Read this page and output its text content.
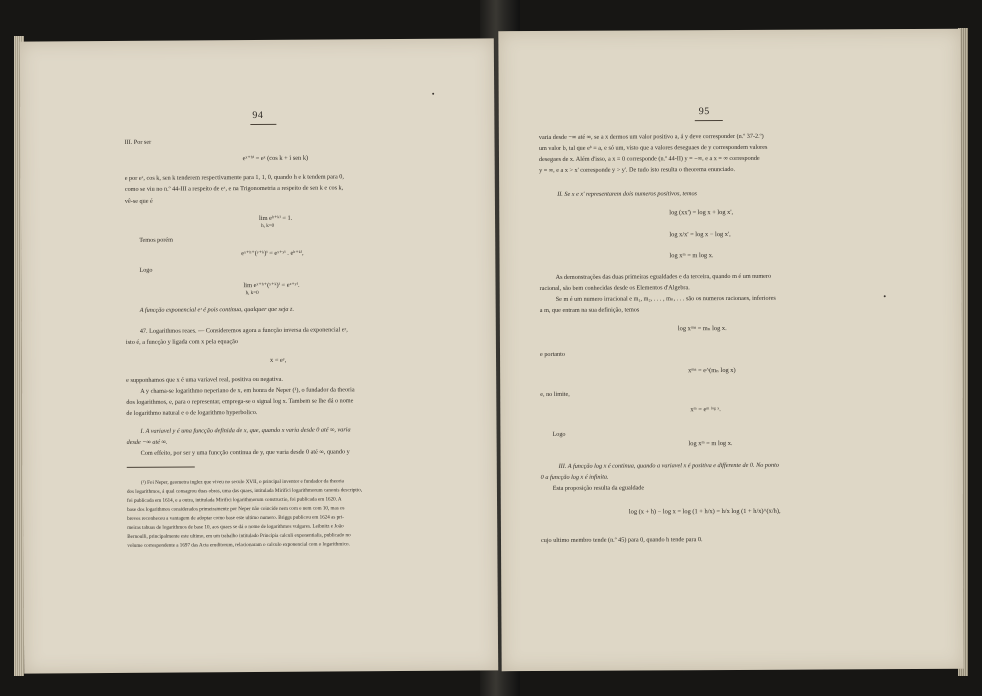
94
III. Por ser
eˣ⁺ʰⁱ = eˣ (cos k + i sen k)
e por eˣ, cos k, sen k tenderem respectivamente para 1, 1, 0, quando h e k tendem para 0,
como se viu no n.º 44-III a respeito de eˣ, e na Trigonometria a respeito de sen k e cos k,
vê-se que é
lim eʰ⁺ᵏⁱ = 1.
h, k=0
Temos porém
eˣ⁺ʰ⁺(ʸ⁺ᵏ)ⁱ = eˣ⁺ʸⁱ . eʰ⁺ᵏⁱ,
Logo
lim eˣ⁺ʰ⁺(ʸ⁺ᵏ)ⁱ = eˣ⁺ʸⁱ.
h, k=0
A funcção exponencial eᶻ é pois continua, qualquer que seja z.
47. Logarithmos reaes. — Consideremos agora a funcção inversa da exponencial eʸ,
isto é, a funcção y ligada com x pela equação
x = eʸ,
e supponhamos que x é uma variavel real, positiva ou negativa.
A y chama-se logarithmo neperiano de x, em honra de Neper (¹), o fundador da theoria
dos logarithmos, e, para o representar, emprega-se o signal log x. Tambem se lhe dá o nome
de logarithmo natural e o de logarithmo hyperbolico.
I. A variavel y é uma funcção definida de x, que, quando x varia desde 0 até ∞, varia
desde −∞ até ∞.
Com effeito, por ser y uma funcção continua de y, que varia desde 0 até ∞, quando y
(¹) Foi Neper, geometra inglez que viveu no seculo XVII, o principal inventor e fundador da theoria
dos logarithmos, á qual consagrou duas obras, uma das quaes, intitulada Mirifici logarithmorum canonis descriptio,
foi publicada em 1614, e a outra, intitulada Mirifici logarithmorum constructio, foi publicada em 1620. A
base dos logarithmos considerados primeiramente por Neper não coincide nem com e nem com 10, mas os
breves reconheceu a vantagem de adoptar como base este ultimo numero. Briggs publicou em 1624 as pri-
meiras tabuas de logarithmos de base 10, aos quaes se dá o nome de logarithmos vulgares. Leibnitz e João
Bernoulli, principalmente este ultimo, em um trabalho intitulado Principia calculi exponentialis, publicado no
volume correspondente a 1697 das Acta eruditorum, relacionaram o calculo exponencial com o logarithmico.
95
varia desde −∞ até ∞, se a x dermos um valor positivo a, á y deve corresponder (n.º 37-2.º)
um valor b, tal que eᵇ = a, e só um, visto que a valores deseguaes de y correspondem valores
desegaes de x. Além d'isso, a x = 0 corresponde (n.º 44-II) y = −∞, e a x = ∞ corresponde
y = ∞, e a x > x' corresponde y > y'. De tudo isto resulta o theorema enunciado.
II. Se x e x' representarem dois numeros positivos, temos
log (xx') = log x + log x',
log x/x' = log x − log x',
log xᵐ = m log x.
As demonstrações das duas primeiras egualdades e da terceira, quando m é um numero
racional, são bem conhecidas desde os Elementos d'Algebra.
Se m é um numero irracional e m₁, m₂, . . . , mₙ, . . . são os numeros racionaes, inferiores
a m, que entram na sua definição, temos
log xᵐⁿ = mₙ log x.
e portanto
xᵐⁿ = e^(mₙ log x)
e, no limite,
xᵐ = eᵐ ˡᵒᵍ ˣ.
Logo
log xᵐ = m log x.
III. A funcção log x é continua, quando a variavel x é positiva e differente de 0. No ponto
0 a funcção log x é infinita.
Esta proposição resulta da egualdade
log (x + h) − log x = log (1 + h/x) = h/x log (1 + h/x)^(x/h),
cujo ultimo membro tende (n.º 45) para 0, quando h tende para 0.
